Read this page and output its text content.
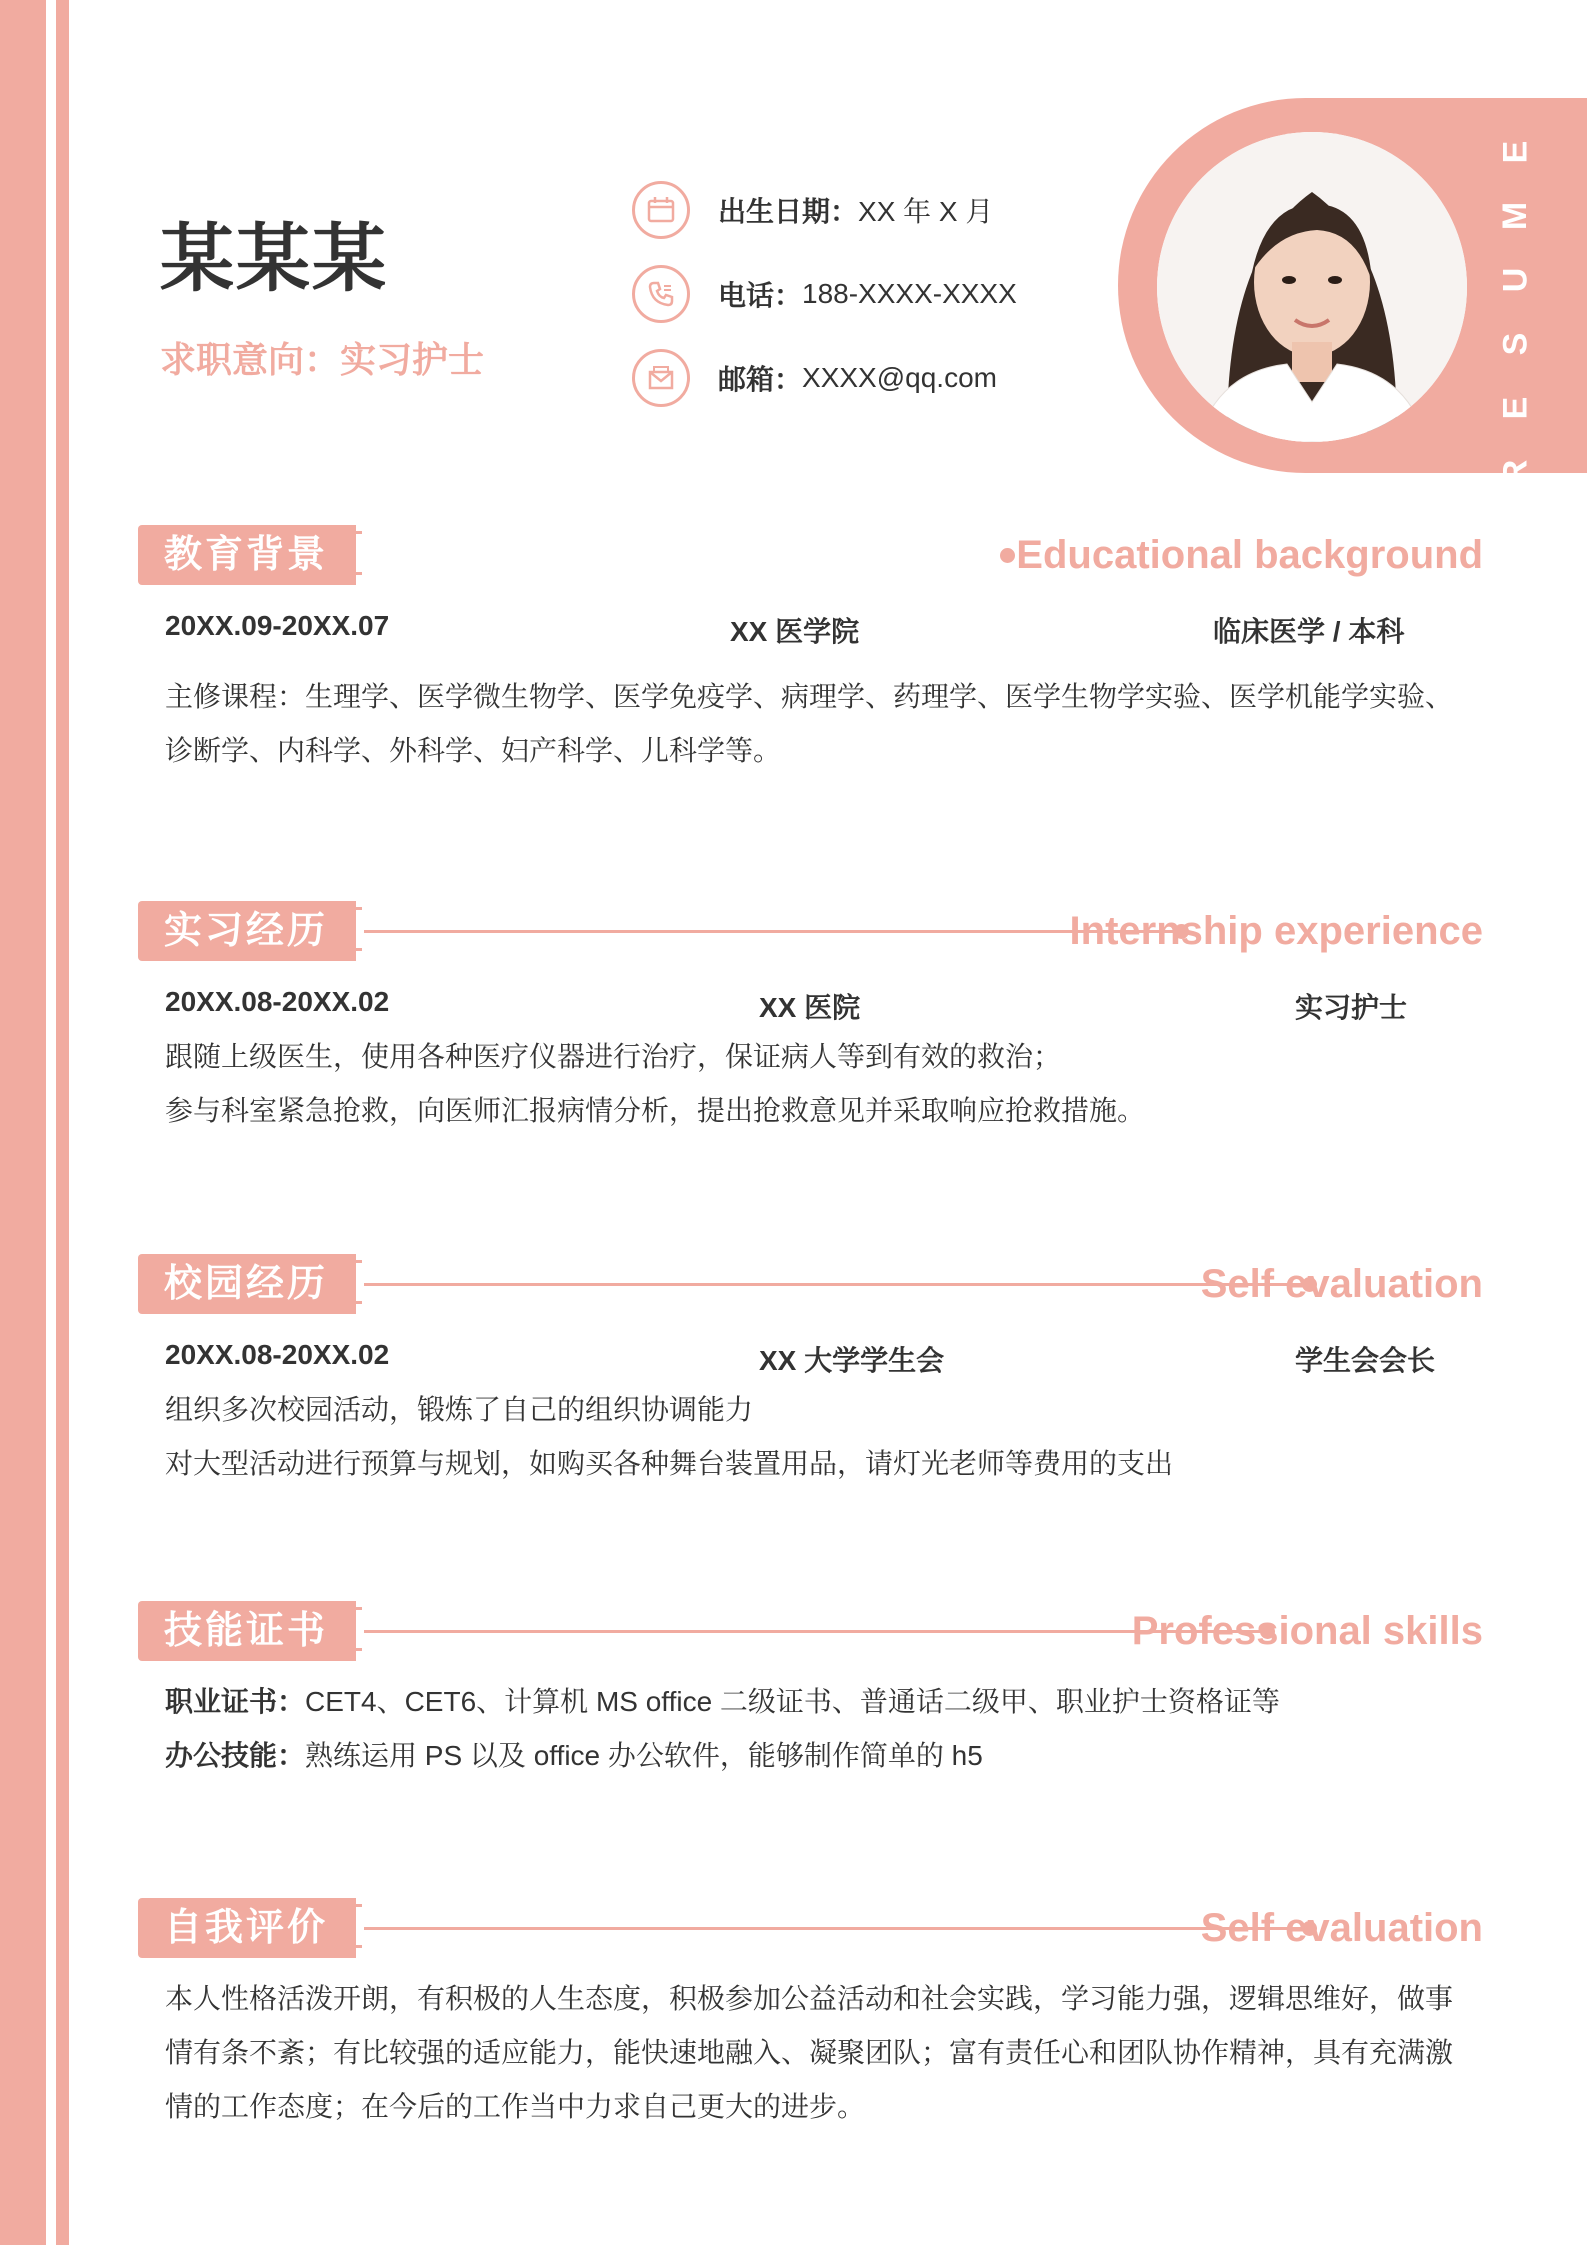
某某某
求职意向：实习护士
出生日期： XX 年 X 月
电话： 188-XXXX-XXXX
邮箱： XXXX@qq.com
E
M
U
S
E
R
教育背景	Educational background
20XX.09-20XX.07	XX 医学院	临床医学 / 本科
主修课程：生理学、医学微生物学、医学免疫学、病理学、药理学、医学生物学实验、医学机能学实验、
诊断学、内科学、外科学、妇产科学、儿科学等。
实习经历	Internship experience
20XX.08-20XX.02	XX 医院	实习护士
跟随上级医生，使用各种医疗仪器进行治疗，保证病人等到有效的救治；
参与科室紧急抢救，向医师汇报病情分析，提出抢救意见并采取响应抢救措施。
校园经历	Self evaluation
20XX.08-20XX.02	XX 大学学生会	学生会会长
组织多次校园活动，锻炼了自己的组织协调能力
对大型活动进行预算与规划，如购买各种舞台装置用品，请灯光老师等费用的支出
技能证书	Professional skills
职业证书：CET4、CET6、计算机 MS office 二级证书、普通话二级甲、职业护士资格证等
办公技能：熟练运用 PS 以及 office 办公软件，能够制作简单的 h5
自我评价	Self evaluation
本人性格活泼开朗，有积极的人生态度，积极参加公益活动和社会实践，学习能力强，逻辑思维好，做事
情有条不紊；有比较强的适应能力，能快速地融入、凝聚团队；富有责任心和团队协作精神，具有充满激
情的工作态度；在今后的工作当中力求自己更大的进步。
